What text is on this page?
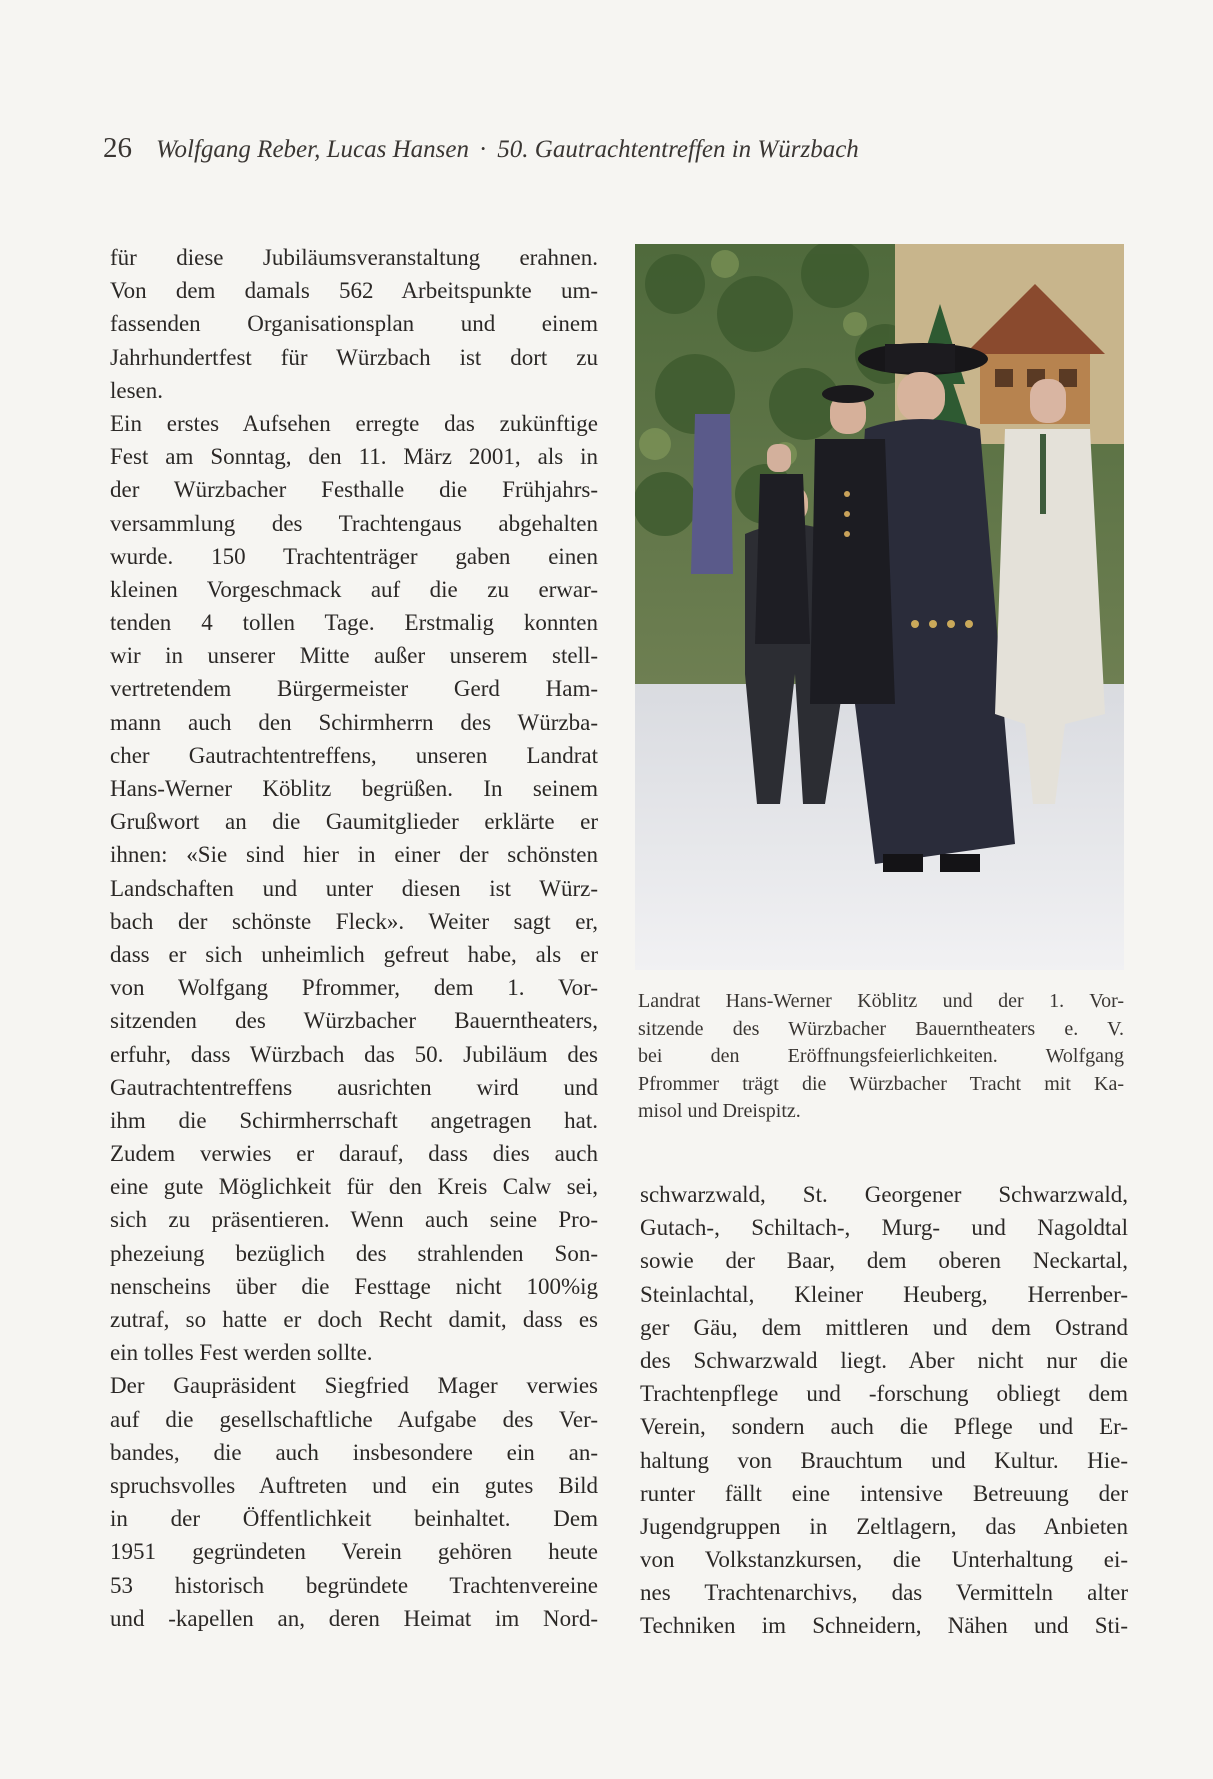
26 Wolfgang Reber, Lucas Hansen · 50. Gautrachtentreffen in Würzbach
für diese Jubiläumsveranstaltung erahnen.
Von dem damals 562 Arbeitspunkte um-
fassenden Organisationsplan und einem
Jahrhundertfest für Würzbach ist dort zu
lesen.
Ein erstes Aufsehen erregte das zukünftige
Fest am Sonntag, den 11. März 2001, als in
der Würzbacher Festhalle die Frühjahrs-
versammlung des Trachtengaus abgehalten
wurde. 150 Trachtenträger gaben einen
kleinen Vorgeschmack auf die zu erwar-
tenden 4 tollen Tage. Erstmalig konnten
wir in unserer Mitte außer unserem stell-
vertretendem Bürgermeister Gerd Ham-
mann auch den Schirmherrn des Würzba-
cher Gautrachtentreffens, unseren Landrat
Hans-Werner Köblitz begrüßen. In seinem
Grußwort an die Gaumitglieder erklärte er
ihnen: «Sie sind hier in einer der schönsten
Landschaften und unter diesen ist Würz-
bach der schönste Fleck». Weiter sagt er,
dass er sich unheimlich gefreut habe, als er
von Wolfgang Pfrommer, dem 1. Vor-
sitzenden des Würzbacher Bauerntheaters,
erfuhr, dass Würzbach das 50. Jubiläum des
Gautrachtentreffens ausrichten wird und
ihm die Schirmherrschaft angetragen hat.
Zudem verwies er darauf, dass dies auch
eine gute Möglichkeit für den Kreis Calw sei,
sich zu präsentieren. Wenn auch seine Pro-
phezeiung bezüglich des strahlenden Son-
nenscheins über die Festtage nicht 100%ig
zutraf, so hatte er doch Recht damit, dass es
ein tolles Fest werden sollte.
Der Gaupräsident Siegfried Mager verwies
auf die gesellschaftliche Aufgabe des Ver-
bandes, die auch insbesondere ein an-
spruchsvolles Auftreten und ein gutes Bild
in der Öffentlichkeit beinhaltet. Dem
1951 gegründeten Verein gehören heute
53 historisch begründete Trachtenvereine
und -kapellen an, deren Heimat im Nord-
Landrat Hans-Werner Köblitz und der 1. Vor-
sitzende des Würzbacher Bauerntheaters e. V.
bei den Eröffnungsfeierlichkeiten. Wolfgang
Pfrommer trägt die Würzbacher Tracht mit Ka-
misol und Dreispitz.
schwarzwald, St. Georgener Schwarzwald,
Gutach-, Schiltach-, Murg- und Nagoldtal
sowie der Baar, dem oberen Neckartal,
Steinlachtal, Kleiner Heuberg, Herrenber-
ger Gäu, dem mittleren und dem Ostrand
des Schwarzwald liegt. Aber nicht nur die
Trachtenpflege und -forschung obliegt dem
Verein, sondern auch die Pflege und Er-
haltung von Brauchtum und Kultur. Hie-
runter fällt eine intensive Betreuung der
Jugendgruppen in Zeltlagern, das Anbieten
von Volkstanzkursen, die Unterhaltung ei-
nes Trachtenarchivs, das Vermitteln alter
Techniken im Schneidern, Nähen und Sti-
